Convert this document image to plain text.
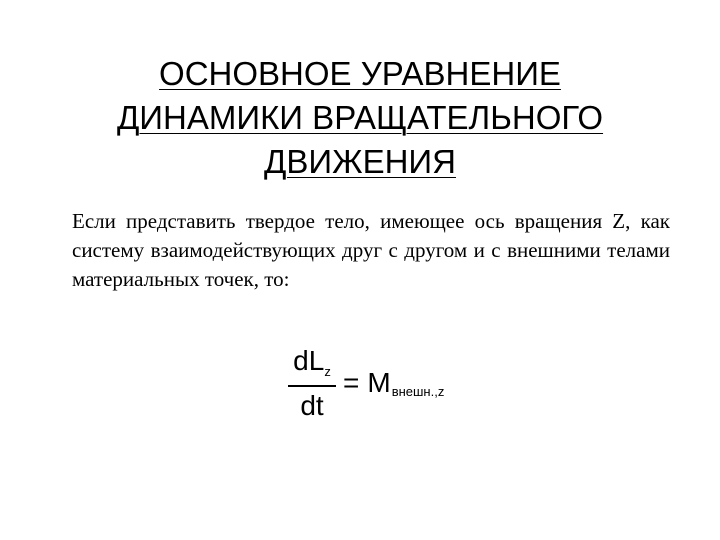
ОСНОВНОЕ УРАВНЕНИЕ
ДИНАМИКИ ВРАЩАТЕЛЬНОГО
ДВИЖЕНИЯ
Если представить твердое тело, имеющее ось вращения Z, как систему взаимодействующих друг с другом и с внешними телами материальных точек, то:
$\frac{dL_z}{dt} = M$ внешн.,z
